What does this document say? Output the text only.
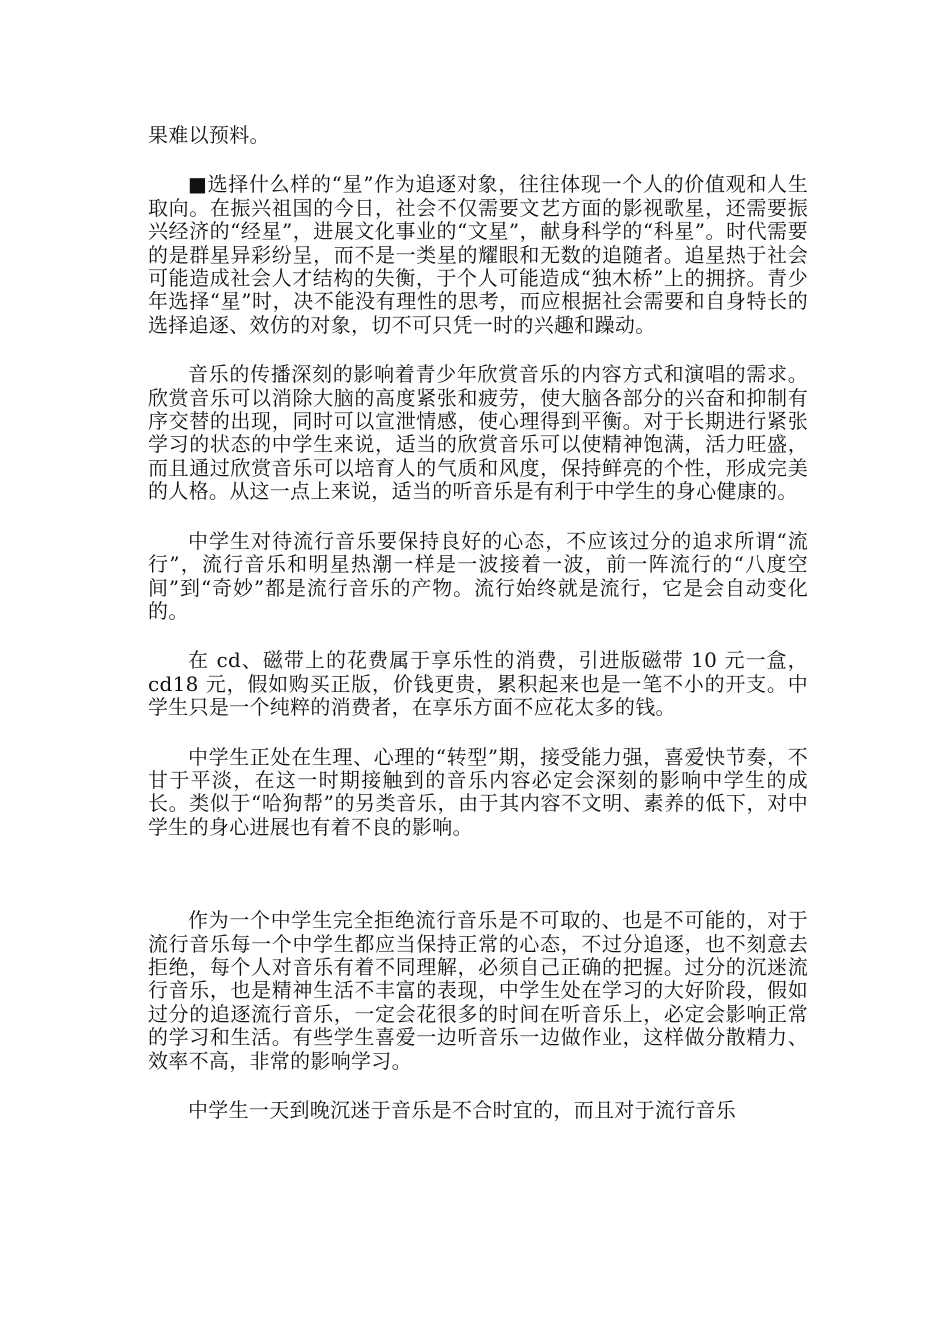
果难以预料。

■选择什么样的“星”作为追逐对象，往往体现一个人的价值观和人生取向。在振兴祖国的今日，社会不仅需要文艺方面的影视歌星，还需要振兴经济的“经星”，进展文化事业的“文星”，献身科学的“科星”。时代需要的是群星异彩纷呈，而不是一类星的耀眼和无数的追随者。追星热于社会可能造成社会人才结构的失衡，于个人可能造成“独木桥”上的拥挤。青少年选择“星”时，决不能没有理性的思考，而应根据社会需要和自身特长的选择追逐、效仿的对象，切不可只凭一时的兴趣和躁动。

音乐的传播深刻的影响着青少年欣赏音乐的内容方式和演唱的需求。欣赏音乐可以消除大脑的高度紧张和疲劳，使大脑各部分的兴奋和抑制有序交替的出现，同时可以宣泄情感，使心理得到平衡。对于长期进行紧张学习的状态的中学生来说，适当的欣赏音乐可以使精神饱满，活力旺盛，而且通过欣赏音乐可以培育人的气质和风度，保持鲜亮的个性，形成完美的人格。从这一点上来说，适当的听音乐是有利于中学生的身心健康的。

中学生对待流行音乐要保持良好的心态，不应该过分的追求所谓“流行”，流行音乐和明星热潮一样是一波接着一波，前一阵流行的“八度空间”到“奇妙”都是流行音乐的产物。流行始终就是流行，它是会自动变化的。

在 cd、磁带上的花费属于享乐性的消费，引进版磁带 10 元一盒，cd18 元，假如购买正版，价钱更贵，累积起来也是一笔不小的开支。中学生只是一个纯粹的消费者，在享乐方面不应花太多的钱。

中学生正处在生理、心理的“转型”期，接受能力强，喜爱快节奏，不甘于平淡，在这一时期接触到的音乐内容必定会深刻的影响中学生的成长。类似于“哈狗帮”的另类音乐，由于其内容不文明、素养的低下，对中学生的身心进展也有着不良的影响。

作为一个中学生完全拒绝流行音乐是不可取的、也是不可能的，对于流行音乐每一个中学生都应当保持正常的心态，不过分追逐，也不刻意去拒绝，每个人对音乐有着不同理解，必须自己正确的把握。过分的沉迷流行音乐，也是精神生活不丰富的表现，中学生处在学习的大好阶段，假如过分的追逐流行音乐，一定会花很多的时间在听音乐上，必定会影响正常的学习和生活。有些学生喜爱一边听音乐一边做作业，这样做分散精力、效率不高，非常的影响学习。

中学生一天到晚沉迷于音乐是不合时宜的，而且对于流行音乐
